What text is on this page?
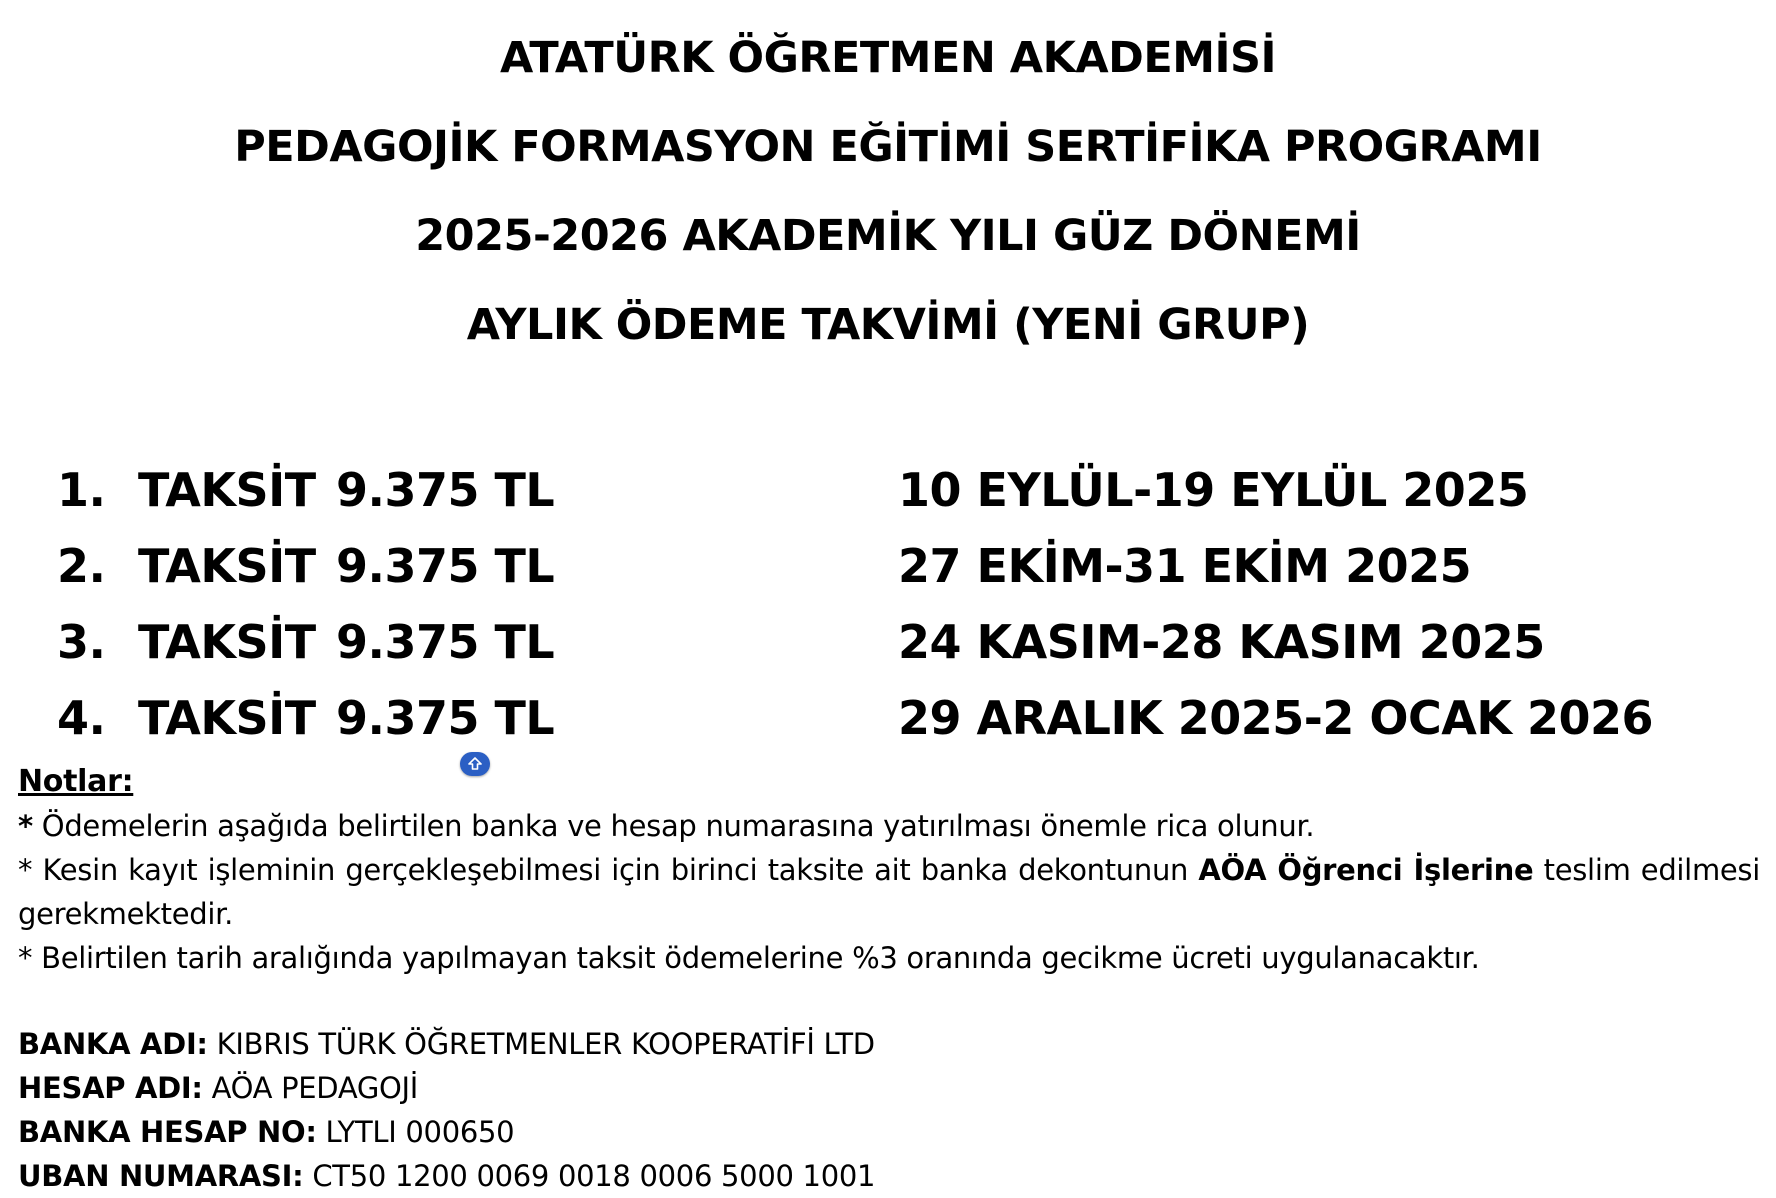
ATATÜRK ÖĞRETMEN AKADEMİSİ
PEDAGOJİK FORMASYON EĞİTİMİ SERTİFİKA PROGRAMI
2025-2026 AKADEMİK YILI GÜZ DÖNEMİ
AYLIK ÖDEME TAKVİMİ (YENİ GRUP)
1. TAKSİT 9.375 TL	10 EYLÜL-19 EYLÜL 2025
2. TAKSİT 9.375 TL	27 EKİM-31 EKİM 2025
3. TAKSİT 9.375 TL	24 KASIM-28 KASIM 2025
4. TAKSİT 9.375 TL	29 ARALIK 2025-2 OCAK 2026
Notlar:
* Ödemelerin aşağıda belirtilen banka ve hesap numarasına yatırılması önemle rica olunur.
* Kesin kayıt işleminin gerçekleşebilmesi için birinci taksite ait banka dekontunun AÖA Öğrenci İşlerine teslim edilmesi
gerekmektedir.
* Belirtilen tarih aralığında yapılmayan taksit ödemelerine %3 oranında gecikme ücreti uygulanacaktır.
BANKA ADI: KIBRIS TÜRK ÖĞRETMENLER KOOPERATİFİ LTD
HESAP ADI: AÖA PEDAGOJİ
BANKA HESAP NO: LYTLI 000650
UBAN NUMARASI: CT50 1200 0069 0018 0006 5000 1001
